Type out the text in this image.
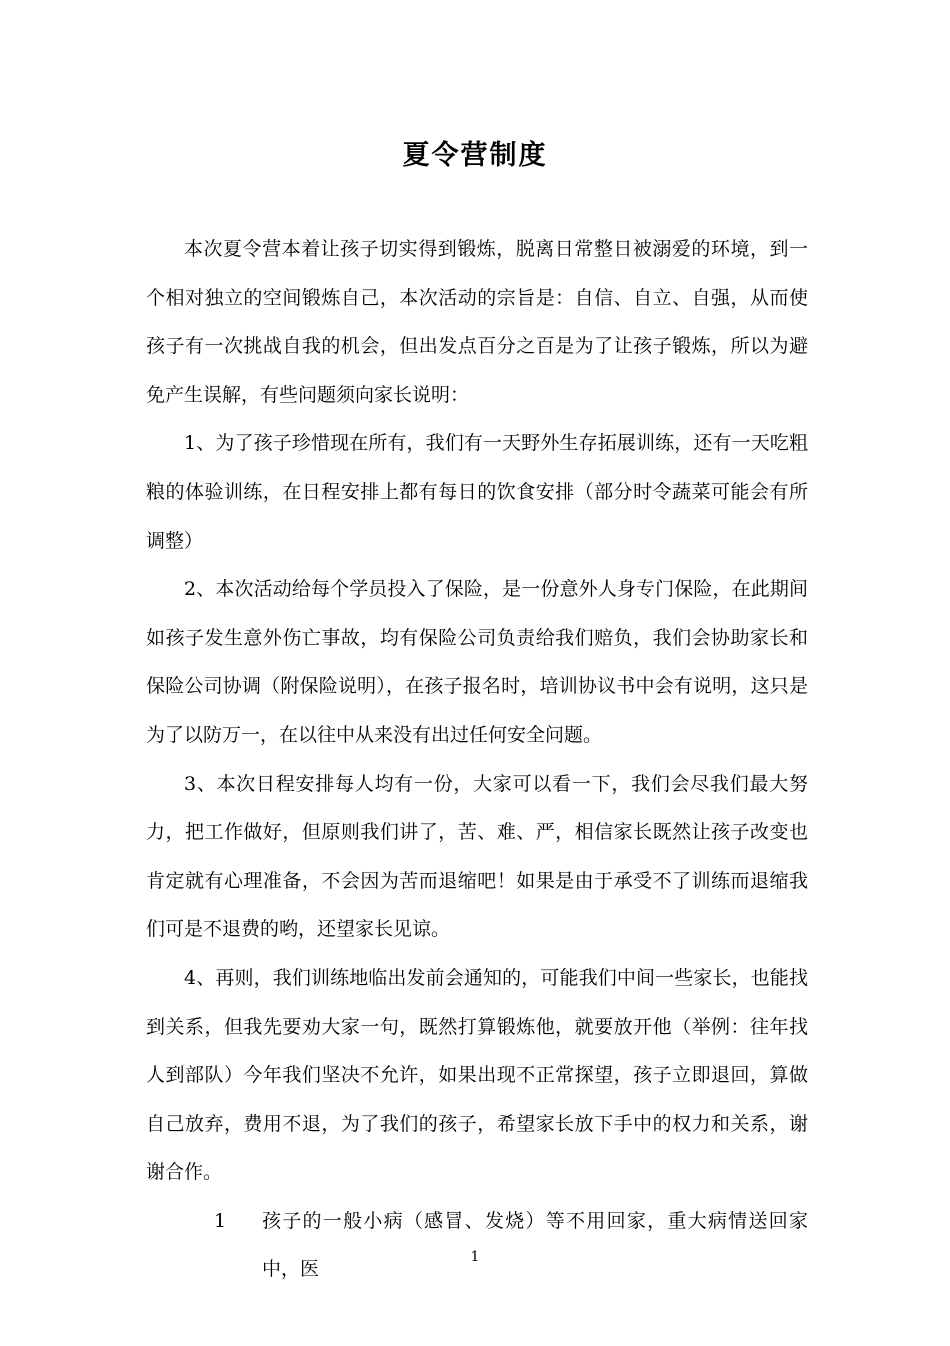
夏令营制度

本次夏令营本着让孩子切实得到锻炼，脱离日常整日被溺爱的环境，到一个相对独立的空间锻炼自己，本次活动的宗旨是：自信、自立、自强，从而使孩子有一次挑战自我的机会，但出发点百分之百是为了让孩子锻炼，所以为避免产生误解，有些问题须向家长说明：

1、为了孩子珍惜现在所有，我们有一天野外生存拓展训练，还有一天吃粗粮的体验训练，在日程安排上都有每日的饮食安排（部分时令蔬菜可能会有所调整）

2、本次活动给每个学员投入了保险，是一份意外人身专门保险，在此期间如孩子发生意外伤亡事故，均有保险公司负责给我们赔负，我们会协助家长和保险公司协调（附保险说明），在孩子报名时，培训协议书中会有说明，这只是为了以防万一，在以往中从来没有出过任何安全问题。

3、本次日程安排每人均有一份，大家可以看一下，我们会尽我们最大努力，把工作做好，但原则我们讲了，苦、难、严，相信家长既然让孩子改变也肯定就有心理准备，不会因为苦而退缩吧！如果是由于承受不了训练而退缩我们可是不退费的哟，还望家长见谅。

4、再则，我们训练地临出发前会通知的，可能我们中间一些家长，也能找到关系，但我先要劝大家一句，既然打算锻炼他，就要放开他（举例：往年找人到部队）今年我们坚决不允许，如果出现不正常探望，孩子立即退回，算做自己放弃，费用不退，为了我们的孩子，希望家长放下手中的权力和关系，谢谢合作。

1 孩子的一般小病（感冒、发烧）等不用回家，重大病情送回家中，医

1
